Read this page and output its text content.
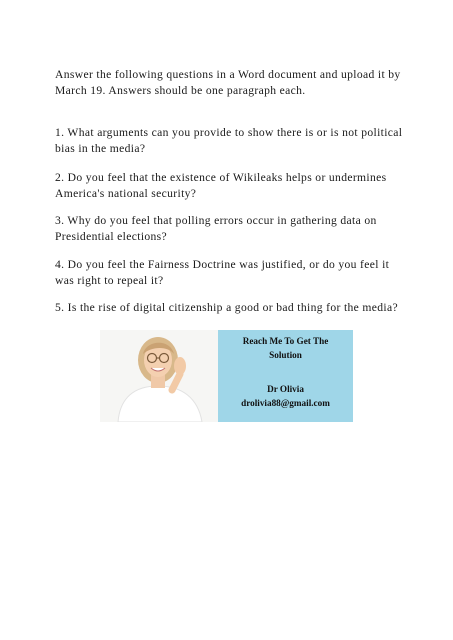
Answer the following questions in a Word document and upload it by March 19. Answers should be one paragraph each.

1. What arguments can you provide to show there is or is not political bias in the media?

2. Do you feel that the existence of Wikileaks helps or undermines America's national security?

3. Why do you feel that polling errors occur in gathering data on Presidential elections?

4. Do you feel the Fairness Doctrine was justified, or do you feel it was right to repeal it?

5. Is the rise of digital citizenship a good or bad thing for the media?

Reach Me To Get The
Solution
Dr Olivia
drolivia88@gmail.com
